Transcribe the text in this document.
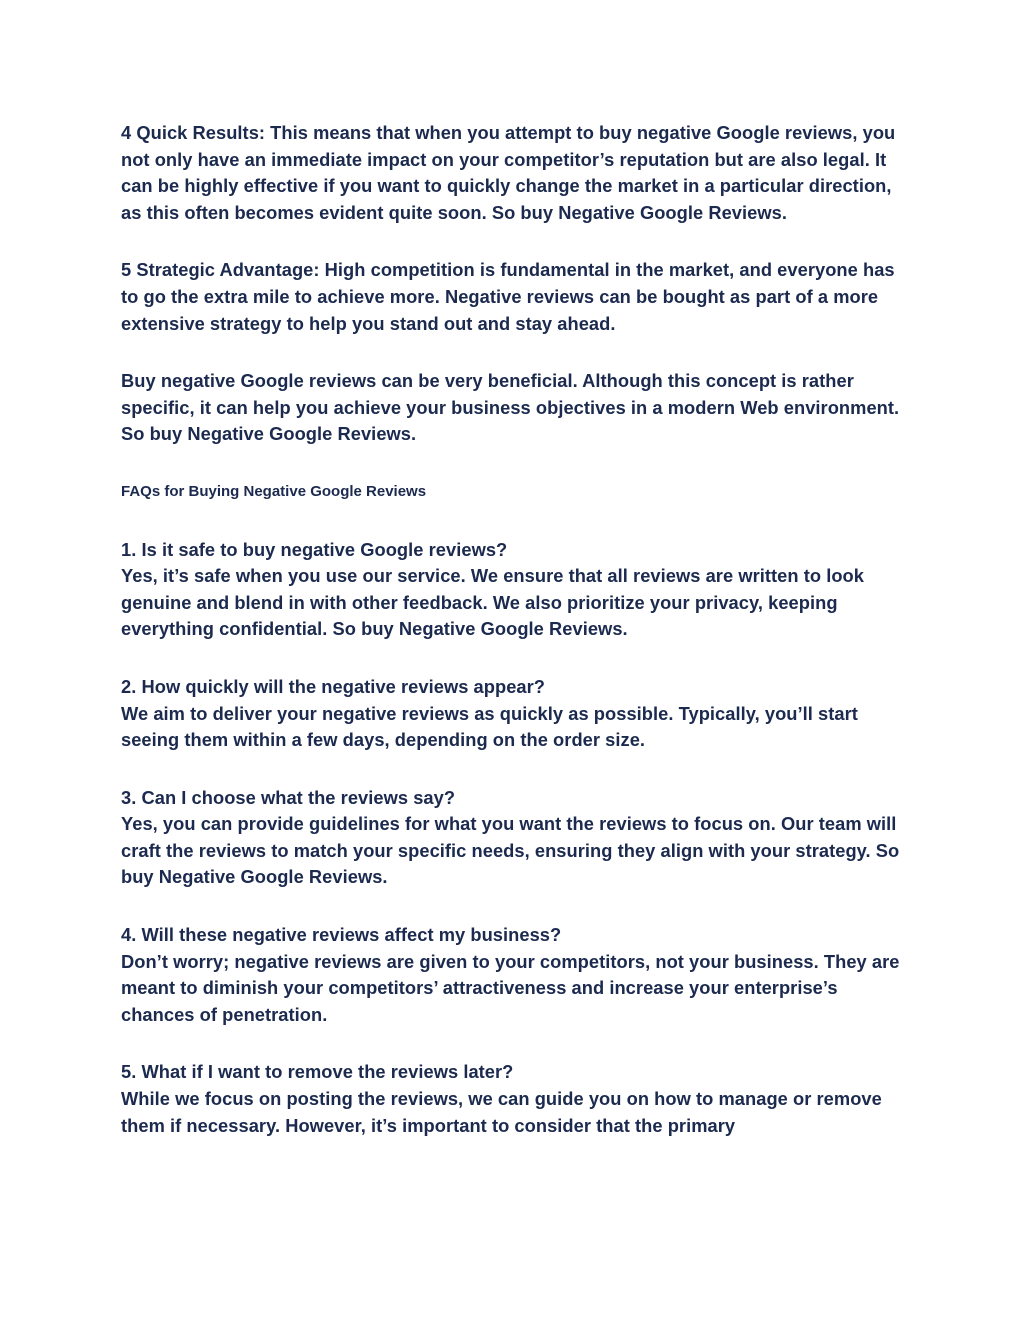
4 Quick Results: This means that when you attempt to buy negative Google reviews, you not only have an immediate impact on your competitor’s reputation but are also legal. It can be highly effective if you want to quickly change the market in a particular direction, as this often becomes evident quite soon. So buy Negative Google Reviews.

5 Strategic Advantage: High competition is fundamental in the market, and everyone has to go the extra mile to achieve more. Negative reviews can be bought as part of a more extensive strategy to help you stand out and stay ahead.

Buy negative Google reviews can be very beneficial. Although this concept is rather specific, it can help you achieve your business objectives in a modern Web environment. So buy Negative Google Reviews.

FAQs for Buying Negative Google Reviews

1. Is it safe to buy negative Google reviews?
Yes, it’s safe when you use our service. We ensure that all reviews are written to look genuine and blend in with other feedback. We also prioritize your privacy, keeping everything confidential. So buy Negative Google Reviews.
2. How quickly will the negative reviews appear?
We aim to deliver your negative reviews as quickly as possible. Typically, you’ll start seeing them within a few days, depending on the order size.
3. Can I choose what the reviews say?
Yes, you can provide guidelines for what you want the reviews to focus on. Our team will craft the reviews to match your specific needs, ensuring they align with your strategy. So buy Negative Google Reviews.
4. Will these negative reviews affect my business?
Don’t worry; negative reviews are given to your competitors, not your business. They are meant to diminish your competitors’ attractiveness and increase your enterprise’s chances of penetration.
5. What if I want to remove the reviews later?
While we focus on posting the reviews, we can guide you on how to manage or remove them if necessary. However, it’s important to consider that the primary
